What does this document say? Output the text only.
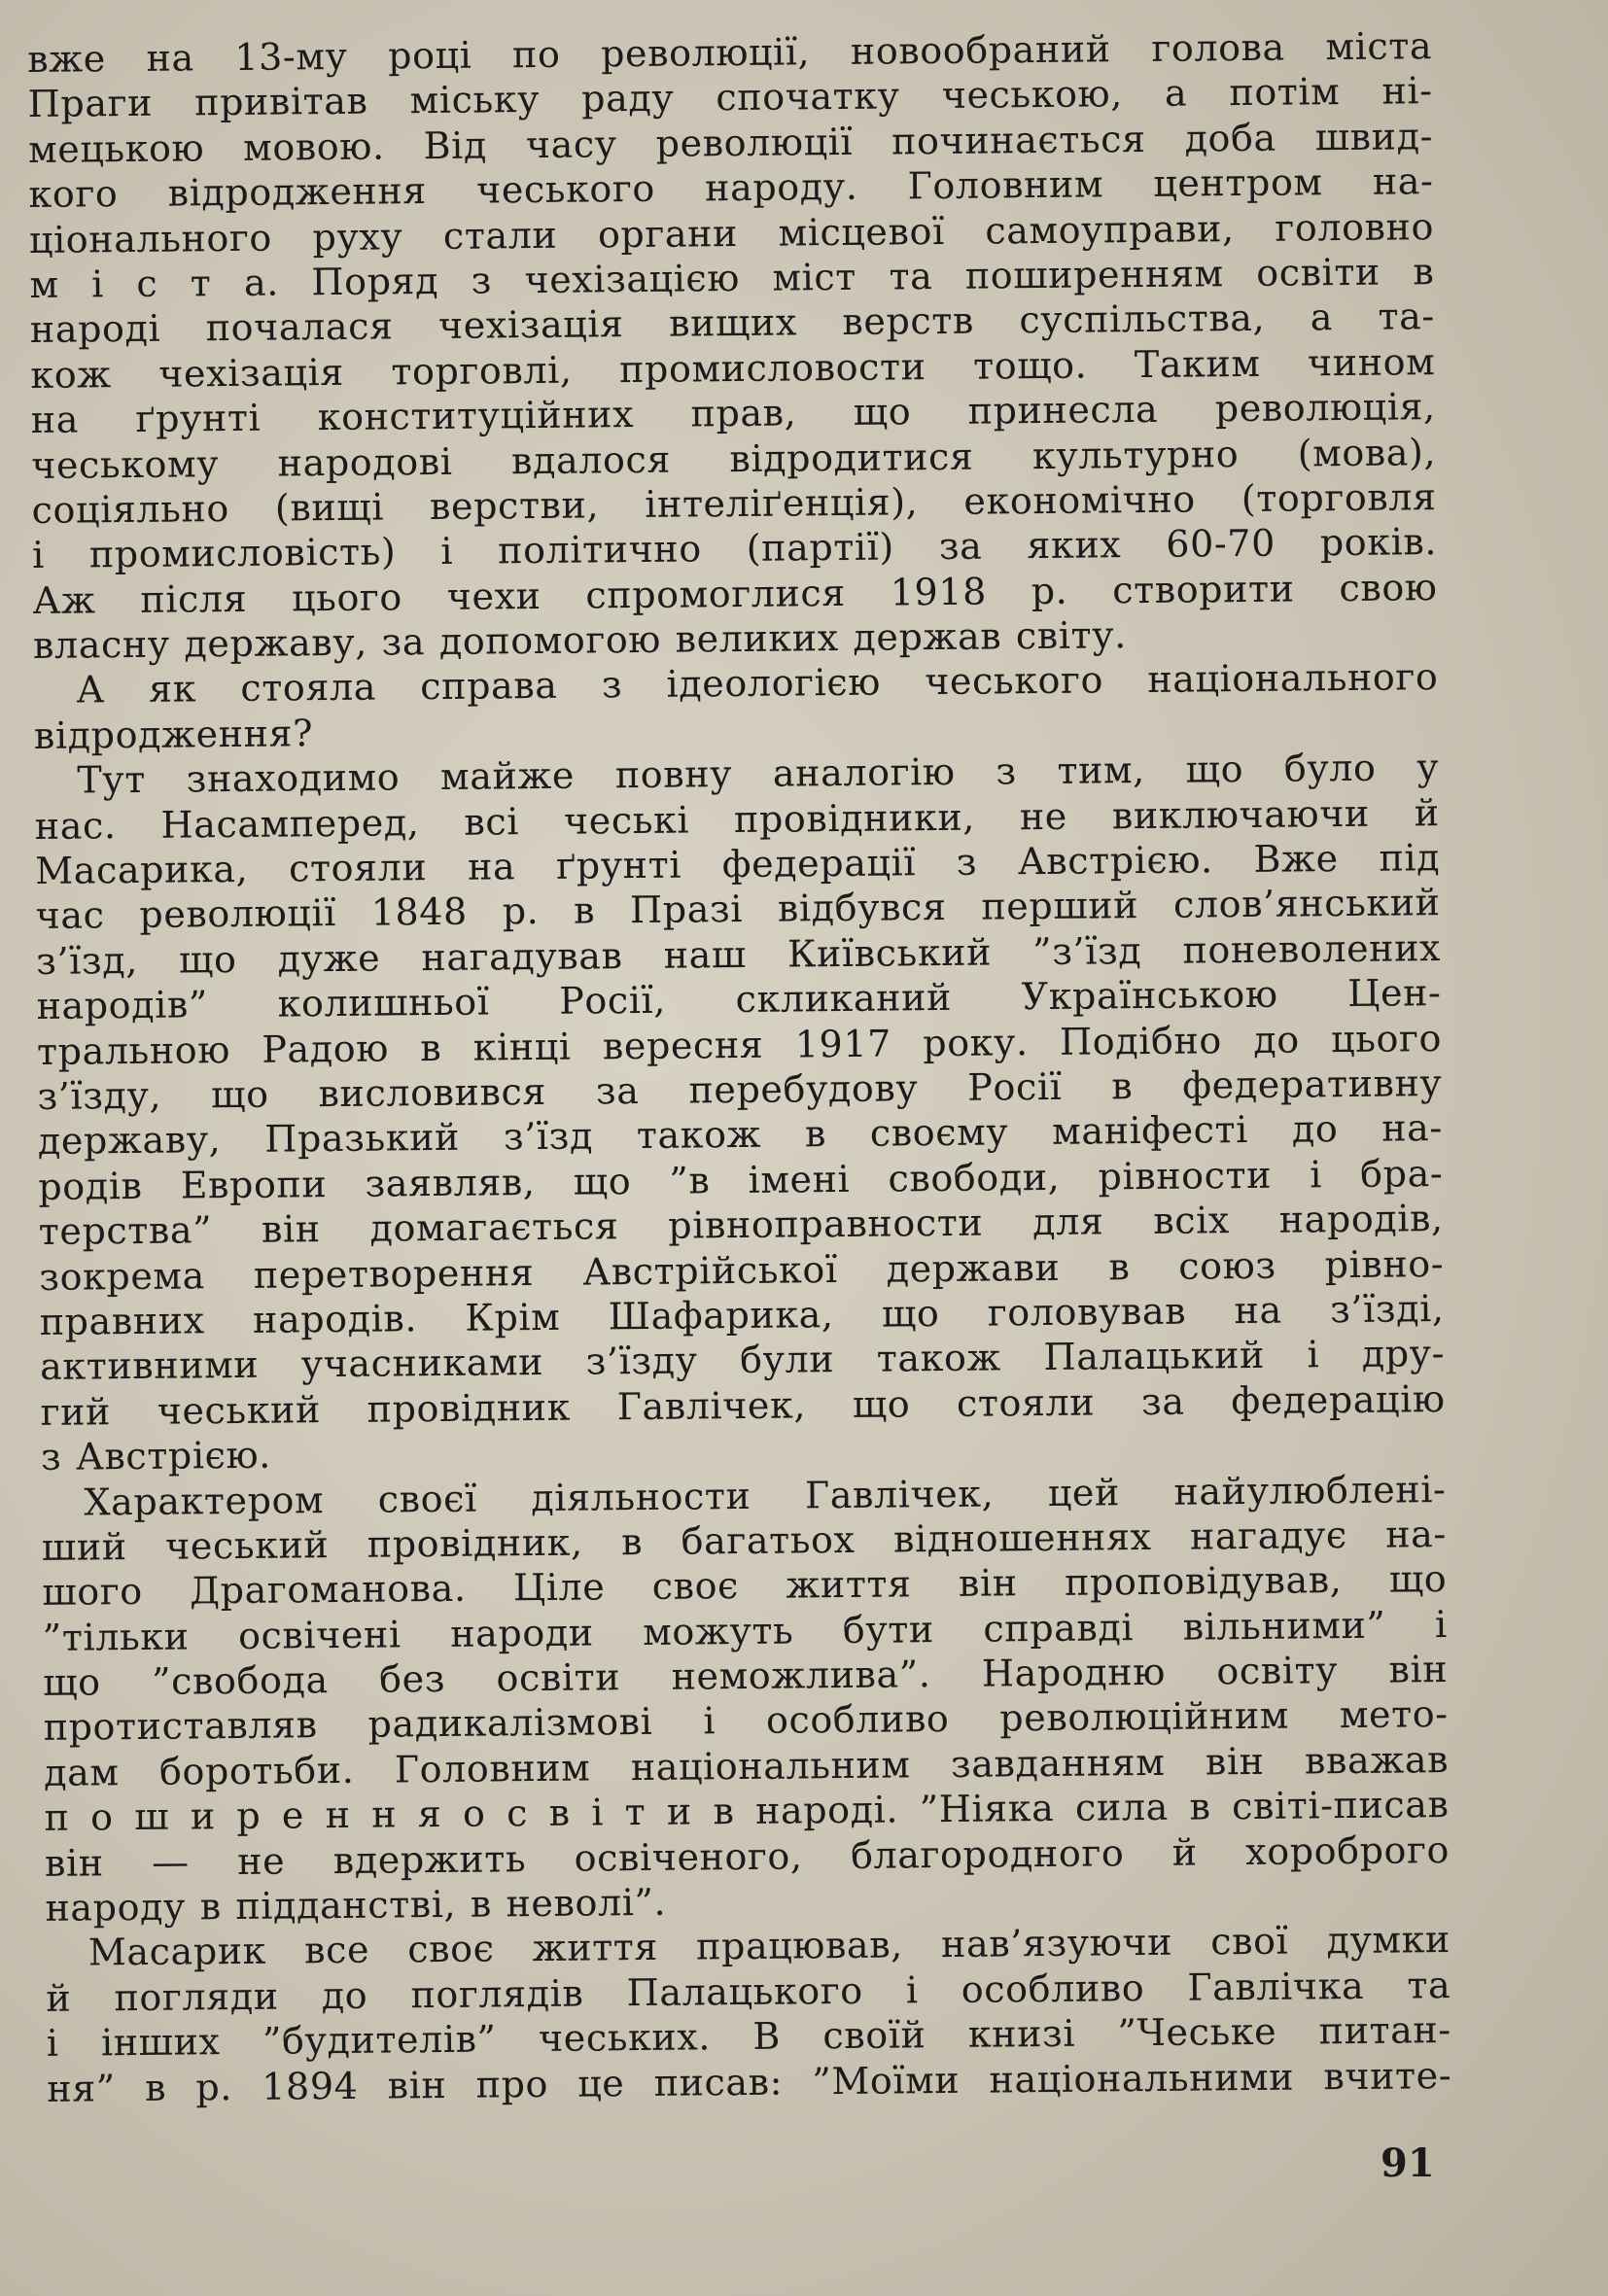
вже на 13-му році по революції, новообраний голова міста
Праги привітав міську раду спочатку чеською, а потім ні-
мецькою мовою. Від часу революції починається доба швид-
кого відродження чеського народу. Головним центром на-
ціонального руху стали органи місцевої самоуправи, головно
м і с т а. Поряд з чехізацією міст та поширенням освіти в
народі почалася чехізація вищих верств суспільства, а та-
кож чехізація торговлі, промисловости тощо. Таким чином
на ґрунті конституційних прав, що принесла революція,
чеському народові вдалося відродитися культурно (мова),
соціяльно (вищі верстви, інтеліґенція), економічно (торговля
і промисловість) і політично (партії) за яких 60-70 років.
Аж після цього чехи спромоглися 1918 р. створити свою
власну державу, за допомогою великих держав світу.
А як стояла справа з ідеологією чеського національного
відродження?
Тут знаходимо майже повну аналогію з тим, що було у
нас. Насамперед, всі чеські провідники, не виключаючи й
Масарика, стояли на ґрунті федерації з Австрією. Вже під
час революції 1848 р. в Празі відбувся перший слов’янський
з’їзд, що дуже нагадував наш Київський ”з’їзд поневолених
народів” колишньої Росії, скликаний Українською Цен-
тральною Радою в кінці вересня 1917 року. Подібно до цього
з’їзду, що висловився за перебудову Росії в федеративну
державу, Празький з’їзд також в своєму маніфесті до на-
родів Европи заявляв, що ”в імені свободи, рівности і бра-
терства” він домагається рівноправности для всіх народів,
зокрема перетворення Австрійської держави в союз рівно-
правних народів. Крім Шафарика, що головував на з’їзді,
активними учасниками з’їзду були також Палацький і дру-
гий чеський провідник Гавлічек, що стояли за федерацію
з Австрією.
Характером своєї діяльности Гавлічек, цей найулюблені-
ший чеський провідник, в багатьох відношеннях нагадує на-
шого Драгоманова. Ціле своє життя він проповідував, що
”тільки освічені народи можуть бути справді вільними” і
що ”свобода без освіти неможлива”. Народню освіту він
протиставляв радикалізмові і особливо революційним мето-
дам боротьби. Головним національним завданням він вважав
п о ш и р е н н я о с в і т и в народі. ”Ніяка сила в світі-писав
він — не вдержить освіченого, благородного й хороброго
народу в підданстві, в неволі”.
Масарик все своє життя працював, нав’язуючи свої думки
й погляди до поглядів Палацького і особливо Гавлічка та
і інших ”будителів” чеських. В своїй книзі ”Чеське питан-
ня” в р. 1894 він про це писав: ”Моїми національними вчите-
91
